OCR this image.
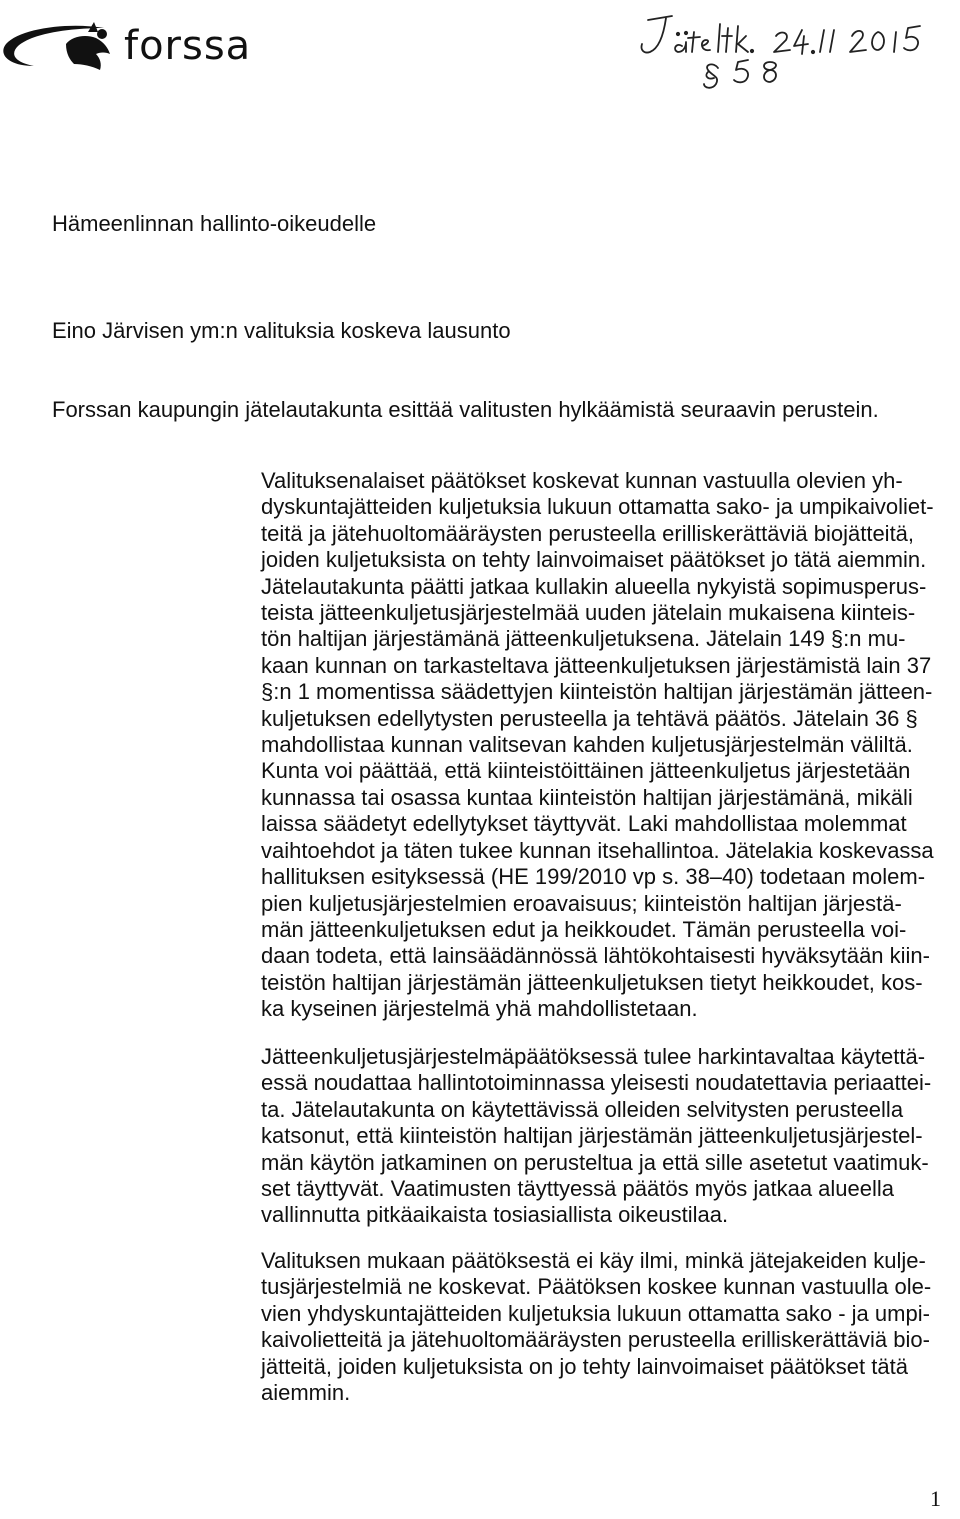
forssa
Hämeenlinnan hallinto-oikeudelle
Eino Järvisen ym:n valituksia koskeva lausunto
Forssan kaupungin jätelautakunta esittää valitusten hylkäämistä seuraavin perustein.
Valituksenalaiset päätökset koskevat kunnan vastuulla olevien yh-
dyskuntajätteiden kuljetuksia lukuun ottamatta sako- ja umpikaivoliet-
teitä ja jätehuoltomääräysten perusteella erilliskerättäviä biojätteitä,
joiden kuljetuksista on tehty lainvoimaiset päätökset jo tätä aiemmin.
Jätelautakunta päätti jatkaa kullakin alueella nykyistä sopimusperus-
teista jätteenkuljetusjärjestelmää uuden jätelain mukaisena kiinteis-
tön haltijan järjestämänä jätteenkuljetuksena. Jätelain 149 §:n mu-
kaan kunnan on tarkasteltava jätteenkuljetuksen järjestämistä lain 37
§:n 1 momentissa säädettyjen kiinteistön haltijan järjestämän jätteen-
kuljetuksen edellytysten perusteella ja tehtävä päätös. Jätelain 36 §
mahdollistaa kunnan valitsevan kahden kuljetusjärjestelmän väliltä.
Kunta voi päättää, että kiinteistöittäinen jätteenkuljetus järjestetään
kunnassa tai osassa kuntaa kiinteistön haltijan järjestämänä, mikäli
laissa säädetyt edellytykset täyttyvät. Laki mahdollistaa molemmat
vaihtoehdot ja täten tukee kunnan itsehallintoa. Jätelakia koskevassa
hallituksen esityksessä (HE 199/2010 vp s. 38–40) todetaan molem-
pien kuljetusjärjestelmien eroavaisuus; kiinteistön haltijan järjestä-
män jätteenkuljetuksen edut ja heikkoudet. Tämän perusteella voi-
daan todeta, että lainsäädännössä lähtökohtaisesti hyväksytään kiin-
teistön haltijan järjestämän jätteenkuljetuksen tietyt heikkoudet, kos-
ka kyseinen järjestelmä yhä mahdollistetaan.
Jätteenkuljetusjärjestelmäpäätöksessä tulee harkintavaltaa käytettä-
essä noudattaa hallintotoiminnassa yleisesti noudatettavia periaattei-
ta. Jätelautakunta on käytettävissä olleiden selvitysten perusteella
katsonut, että kiinteistön haltijan järjestämän jätteenkuljetusjärjestel-
män käytön jatkaminen on perusteltua ja että sille asetetut vaatimuk-
set täyttyvät. Vaatimusten täyttyessä päätös myös jatkaa alueella
vallinnutta pitkäaikaista tosiasiallista oikeustilaa.
Valituksen mukaan päätöksestä ei käy ilmi, minkä jätejakeiden kulje-
tusjärjestelmiä ne koskevat. Päätöksen koskee kunnan vastuulla ole-
vien yhdyskuntajätteiden kuljetuksia lukuun ottamatta sako - ja umpi-
kaivolietteitä ja jätehuoltomääräysten perusteella erilliskerättäviä bio-
jätteitä, joiden kuljetuksista on jo tehty lainvoimaiset päätökset tätä
aiemmin.
1
